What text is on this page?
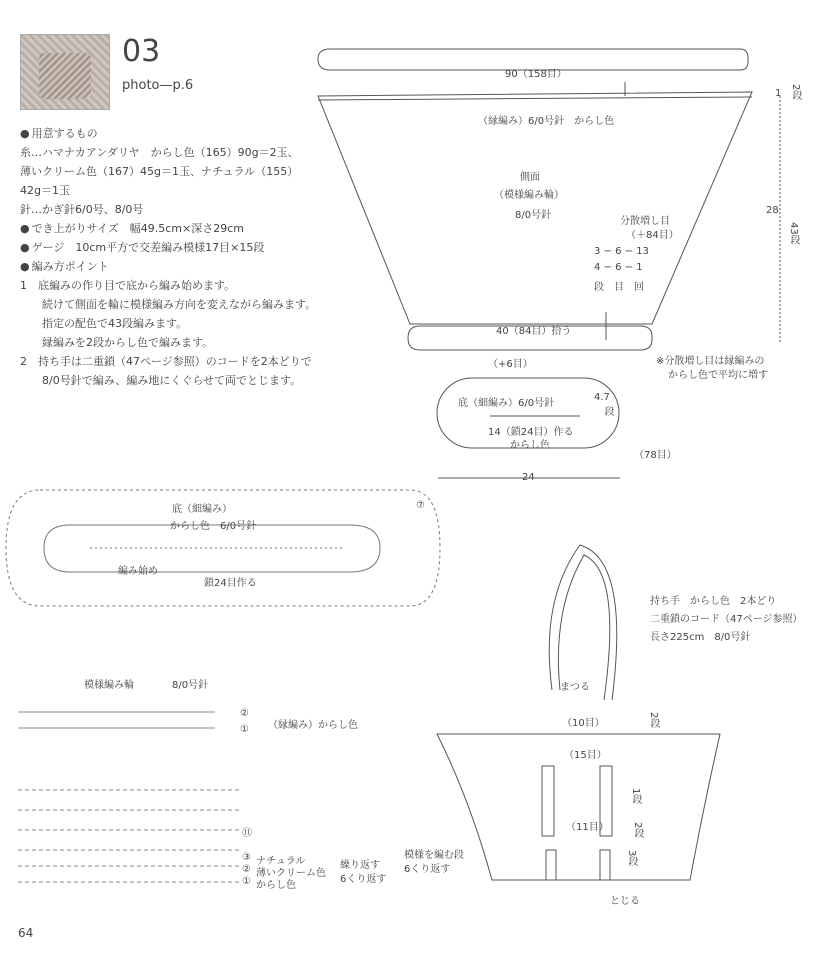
03
photo—p.6
● 用意するもの
糸…ハマナカアンダリヤ　からし色（165）90g＝2玉、
薄いクリーム色（167）45g＝1玉、ナチュラル（155）
42g＝1玉
針…かぎ針6/0号、8/0号
● でき上がりサイズ　幅49.5cm×深さ29cm
● ゲージ　10cm平方で交差編み模様17目×15段
● 編み方ポイント
1　底編みの作り目で底から編み始めます。
続けて側面を輪に模様編み方向を変えながら編みます。
指定の配色で43段編みます。
縁編みを2段からし色で編みます。
2　持ち手は二重鎖（47ページ参照）のコードを2本どりで
8/0号針で編み、編み地にくぐらせて両でとじます。
90（158目）
1 2段
（縁編み）6/0号針　からし色
側面
（模様編み輪）
8/0号針
分散増し目
（＋84目）
3 − 6 − 13
4 − 6 − 1
段　目　回
28
43段
40（84目）拾う
（+6目）	※分散増し目は縁編みの
からし色で平均に増す
底（細編み）6/0号針
4.7
段
14（鎖24目）作る
からし色
（78目）
24
底（細編み）
からし色　6/0号針
編み始め
鎖24目作る
⑦
模様編み輪	8/0号針
②
① （縁編み）からし色
⑪
③ ナチュラル
② 薄いクリーム色
① からし色
繰り返す
6くり返す
模様を編む段
6くり返す
持ち手　からし色　2本どり
二重鎖のコード（47ページ参照）
長さ225cm　8/0号針
まつる
（10目）	2段
（15目）
（11目）
1段
2段
3段
とじる
64
